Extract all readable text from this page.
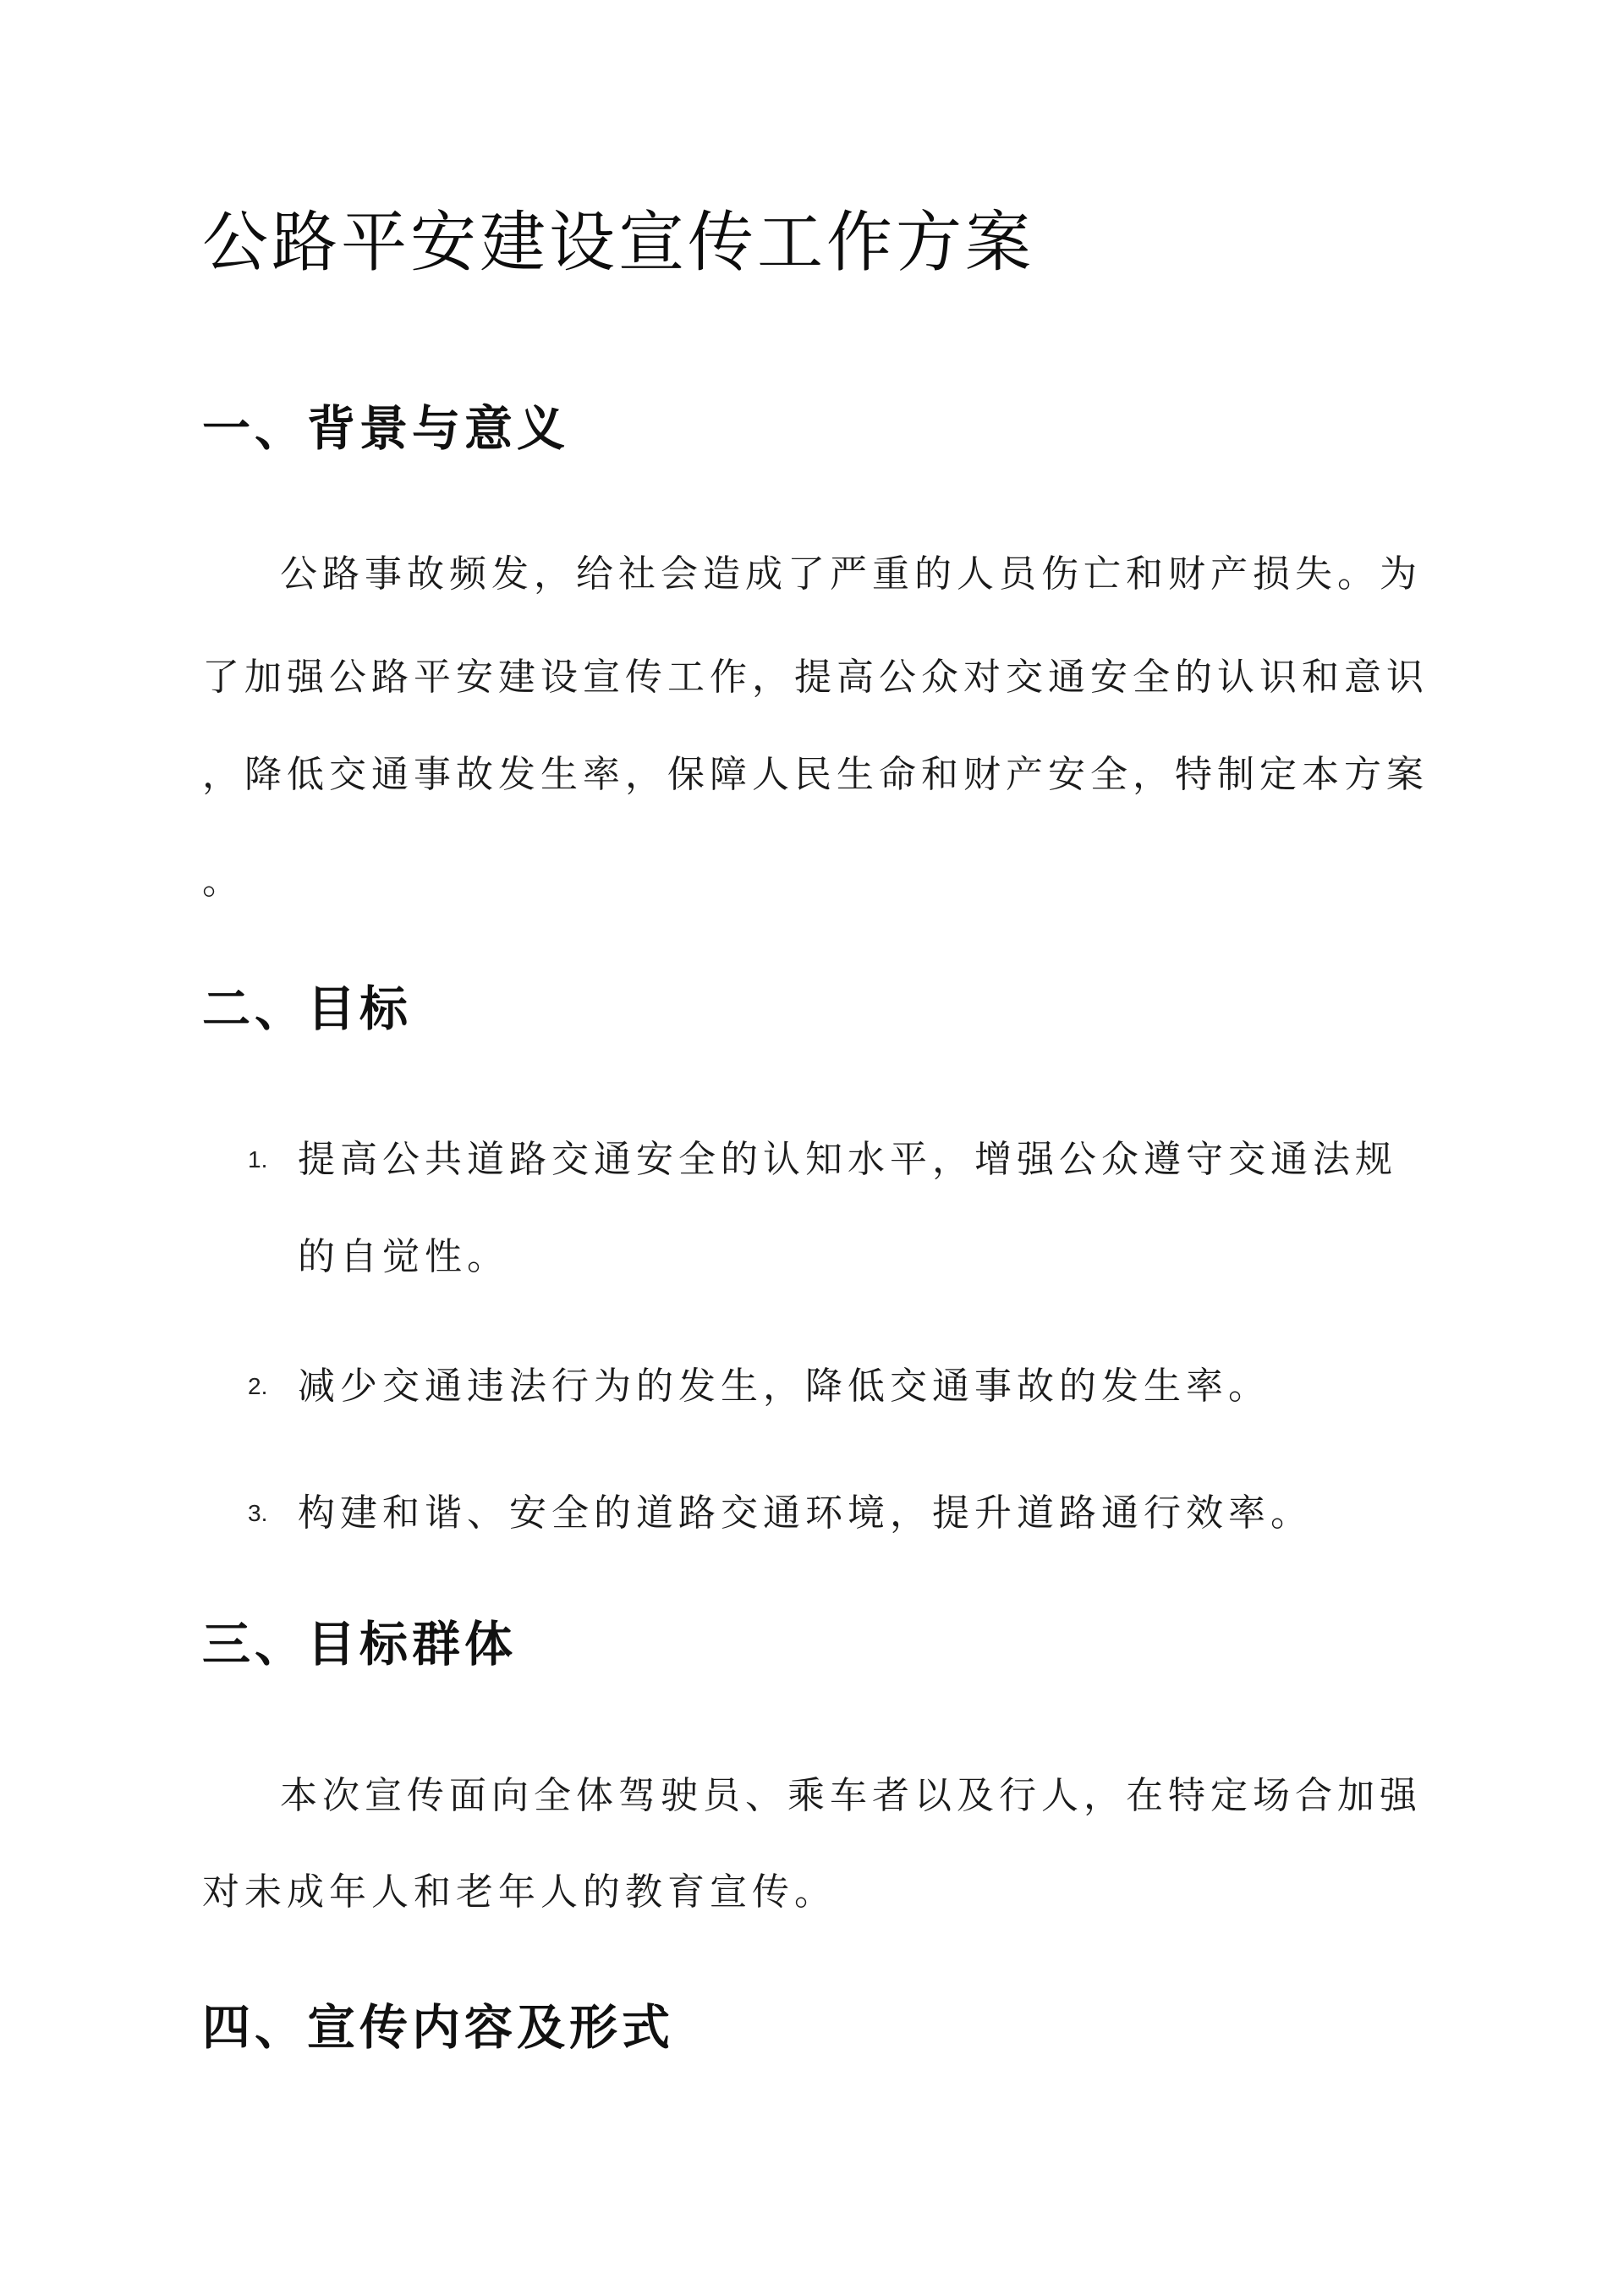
公路平安建设宣传工作方案
一、背景与意义
公路事故频发，给社会造成了严重的人员伤亡和财产损失。为
了加强公路平安建设宣传工作，提高公众对交通安全的认识和意识
，降低交通事故发生率，保障人民生命和财产安全，特制定本方案
。
二、目标
1. 提高公共道路交通安全的认知水平，增强公众遵守交通法规
的自觉性。
2. 减少交通违法行为的发生，降低交通事故的发生率。
3. 构建和谐、安全的道路交通环境，提升道路通行效率。
三、目标群体
本次宣传面向全体驾驶员、乘车者以及行人，在特定场合加强
对未成年人和老年人的教育宣传。
四、宣传内容及形式
